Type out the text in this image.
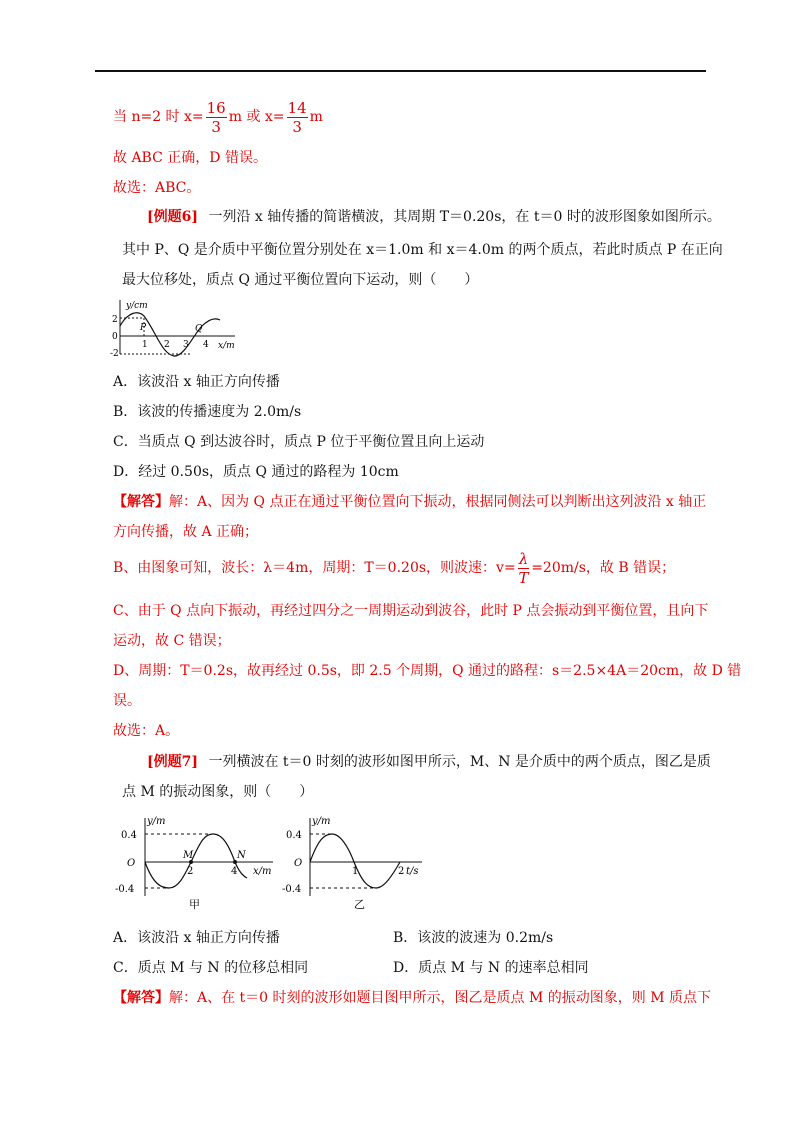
当 n=2 时 $x= \frac{16}{3}$ m 或 $x= \frac{14}{3}$ m
故 ABC 正确，D 错误。
故选：ABC。
[例题6] 一列沿 x 轴传播的简谐横波，其周期 T＝0.20s，在 t＝0 时的波形图象如图所示。
其中 P、Q 是介质中平衡位置分别处在 x＝1.0m 和 x＝4.0m 的两个质点，若此时质点 P 在正向
最大位移处，质点 Q 通过平衡位置向下运动，则（　　）
y/cm
2
0
-2
1 2 3 4 x/m
P	Q
A．该波沿 x 轴正方向传播
B．该波的传播速度为 2.0m/s
C．当质点 Q 到达波谷时，质点 P 位于平衡位置且向上运动
D．经过 0.50s，质点 Q 通过的路程为 10cm
【解答】解：A、因为 Q 点正在通过平衡位置向下振动，根据同侧法可以判断出这列波沿 x 轴正
方向传播，故 A 正确；
B、由图象可知，波长：λ＝4m，周期：T＝0.20s，则波速：$v= \frac{\lambda}{T} =20m/s$，故 B 错误；
C、由于 Q 点向下振动，再经过四分之一周期运动到波谷，此时 P 点会振动到平衡位置，且向下
运动，故 C 错误；
D、周期：T＝0.2s，故再经过 0.5s，即 2.5 个周期，Q 通过的路程：s＝2.5×4A＝20cm，故 D 错
误。
故选：A。
[例题7] 一列横波在 t＝0 时刻的波形如图甲所示，M、N 是介质中的两个质点，图乙是质
点 M 的振动图象，则（　　）
y/m
0.4
O
-0.4
2	4
M	N
x/m
甲
y/m
0.4
O
-0.4
1	2 t/s
乙
A．该波沿 x 轴正方向传播	B．该波的波速为 0.2m/s
C．质点 M 与 N 的位移总相同	D．质点 M 与 N 的速率总相同
【解答】解：A、在 t＝0 时刻的波形如题目图甲所示，图乙是质点 M 的振动图象，则 M 质点下
